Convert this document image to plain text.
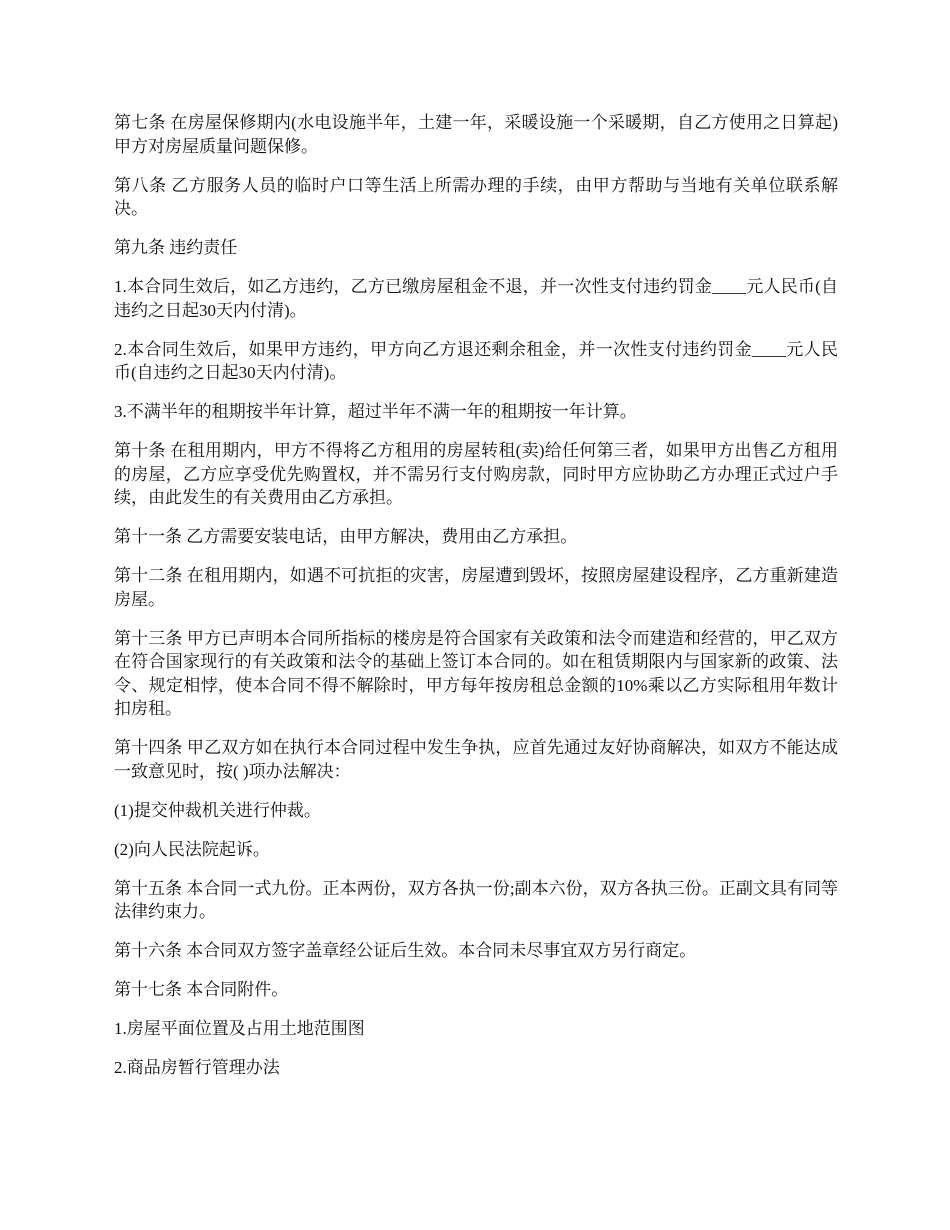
第七条 在房屋保修期内(水电设施半年，土建一年，采暖设施一个采暖期，自乙方使用之日算起)甲方对房屋质量问题保修。

第八条 乙方服务人员的临时户口等生活上所需办理的手续，由甲方帮助与当地有关单位联系解决。

第九条 违约责任

1.本合同生效后，如乙方违约，乙方已缴房屋租金不退，并一次性支付违约罚金____元人民币(自违约之日起30天内付清)。

2.本合同生效后，如果甲方违约，甲方向乙方退还剩余租金，并一次性支付违约罚金____元人民币(自违约之日起30天内付清)。

3.不满半年的租期按半年计算，超过半年不满一年的租期按一年计算。

第十条 在租用期内，甲方不得将乙方租用的房屋转租(卖)给任何第三者，如果甲方出售乙方租用的房屋，乙方应享受优先购置权，并不需另行支付购房款，同时甲方应协助乙方办理正式过户手续，由此发生的有关费用由乙方承担。

第十一条 乙方需要安装电话，由甲方解决，费用由乙方承担。

第十二条 在租用期内，如遇不可抗拒的灾害，房屋遭到毁坏，按照房屋建设程序，乙方重新建造房屋。

第十三条 甲方已声明本合同所指标的楼房是符合国家有关政策和法令而建造和经营的，甲乙双方在符合国家现行的有关政策和法令的基础上签订本合同的。如在租赁期限内与国家新的政策、法令、规定相悖，使本合同不得不解除时，甲方每年按房租总金额的10%乘以乙方实际租用年数计扣房租。

第十四条 甲乙双方如在执行本合同过程中发生争执，应首先通过友好协商解决，如双方不能达成一致意见时，按( )项办法解决：

(1)提交仲裁机关进行仲裁。

(2)向人民法院起诉。

第十五条 本合同一式九份。正本两份，双方各执一份;副本六份，双方各执三份。正副文具有同等法律约束力。

第十六条 本合同双方签字盖章经公证后生效。本合同未尽事宜双方另行商定。

第十七条 本合同附件。

1.房屋平面位置及占用土地范围图

2.商品房暂行管理办法
